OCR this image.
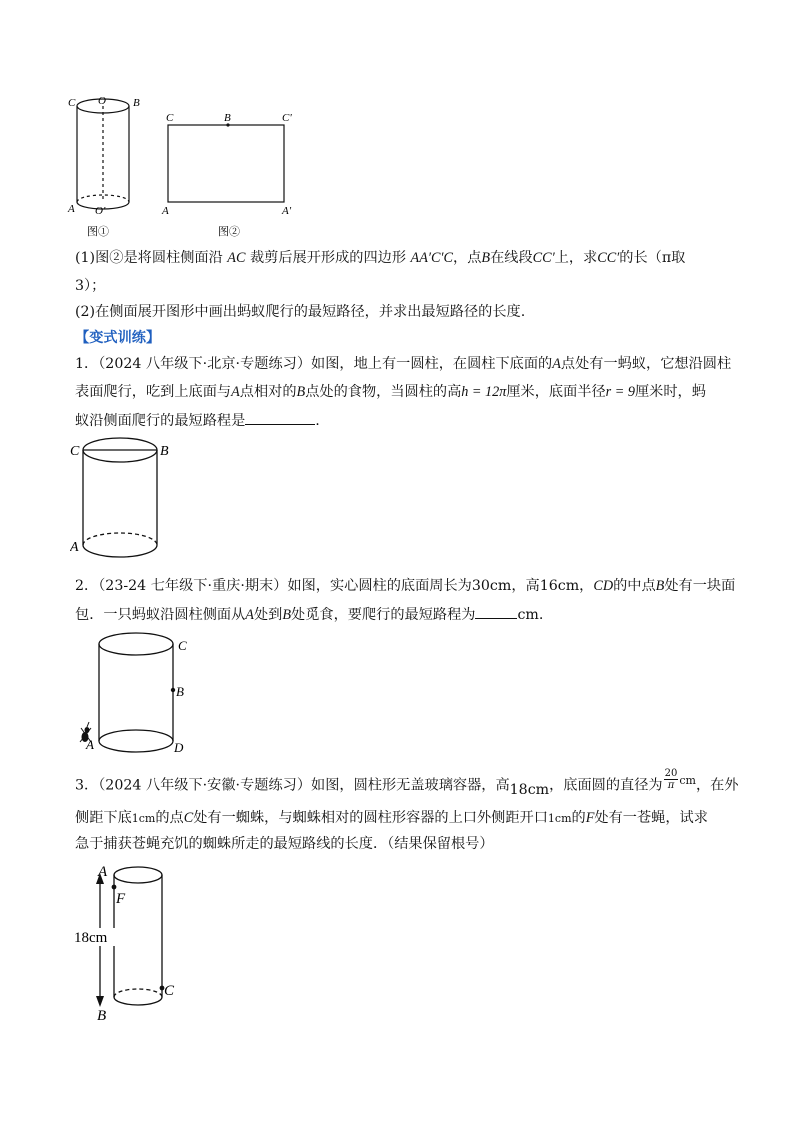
C O B
A O'
C	B	C'
A	A'
图①	图②
(1)图②是将圆柱侧面沿 AC 裁剪后展开形成的四边形 AA′C′C，点B在线段CC′上，求CC′的长（π取
3）；
(2)在侧面展开图形中画出蚂蚁爬行的最短路径，并求出最短路径的长度.
【变式训练】
1．（2024 八年级下·北京·专题练习）如图，地上有一圆柱，在圆柱下底面的A点处有一蚂蚁，它想沿圆柱
表面爬行，吃到上底面与A点相对的B点处的食物，当圆柱的高h = 12π厘米，底面半径r = 9厘米时，蚂
蚁沿侧面爬行的最短路程是	.
C	B
A
2．（23-24 七年级下·重庆·期末）如图，实心圆柱的底面周长为30cm，高16cm，CD的中点B处有一块面
包．一只蚂蚁沿圆柱侧面从A处到B处觅食，要爬行的最短路程为	cm.
C
B
A	D
3．（2024 八年级下·安徽·专题练习）如图，圆柱形无盖玻璃容器，高18cm，底面圆的直径为 $\frac{20}{\pi} ^{cm}$，在外
侧距下底1cm的点C处有一蜘蛛，与蜘蛛相对的圆柱形容器的上口外侧距开口1cm的F处有一苍蝇，试求
急于捕获苍蝇充饥的蜘蛛所走的最短路线的长度．（结果保留根号）
A
F
18cm
C
B
